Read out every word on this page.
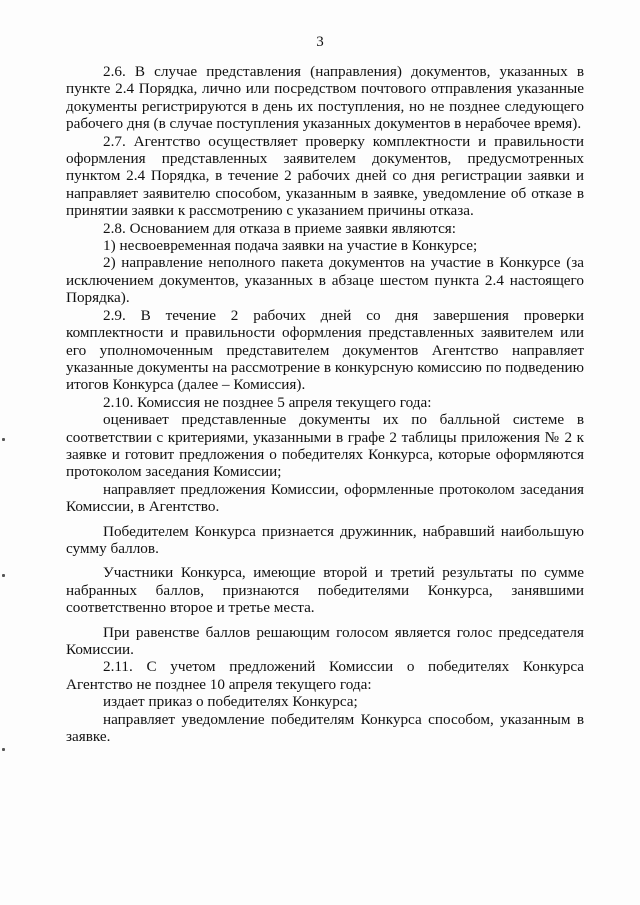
3

2.6. В случае представления (направления) документов, указанных в пункте 2.4 Порядка, лично или посредством почтового отправления указанные документы регистрируются в день их поступления, но не позднее следующего рабочего дня (в случае поступления указанных документов в нерабочее время).

2.7. Агентство осуществляет проверку комплектности и правильности оформления представленных заявителем документов, предусмотренных пунктом 2.4 Порядка, в течение 2 рабочих дней со дня регистрации заявки и направляет заявителю способом, указанным в заявке, уведомление об отказе в принятии заявки к рассмотрению с указанием причины отказа.

2.8. Основанием для отказа в приеме заявки являются:

1) несвоевременная подача заявки на участие в Конкурсе;

2) направление неполного пакета документов на участие в Конкурсе (за исключением документов, указанных в абзаце шестом пункта 2.4 настоящего Порядка).

2.9. В течение 2 рабочих дней со дня завершения проверки комплектности и правильности оформления представленных заявителем или его уполномоченным представителем документов Агентство направляет указанные документы на рассмотрение в конкурсную комиссию по подведению итогов Конкурса (далее – Комиссия).

2.10. Комиссия не позднее 5 апреля текущего года:

оценивает представленные документы их по балльной системе в соответствии с критериями, указанными в графе 2 таблицы приложения № 2 к заявке и готовит предложения о победителях Конкурса, которые оформляются протоколом заседания Комиссии;

направляет предложения Комиссии, оформленные протоколом заседания Комиссии, в Агентство.

Победителем Конкурса признается дружинник, набравший наибольшую сумму баллов.

Участники Конкурса, имеющие второй и третий результаты по сумме набранных баллов, признаются победителями Конкурса, занявшими соответственно второе и третье места.

При равенстве баллов решающим голосом является голос председателя Комиссии.

2.11. С учетом предложений Комиссии о победителях Конкурса Агентство не позднее 10 апреля текущего года:

издает приказ о победителях Конкурса;

направляет уведомление победителям Конкурса способом, указанным в заявке.
